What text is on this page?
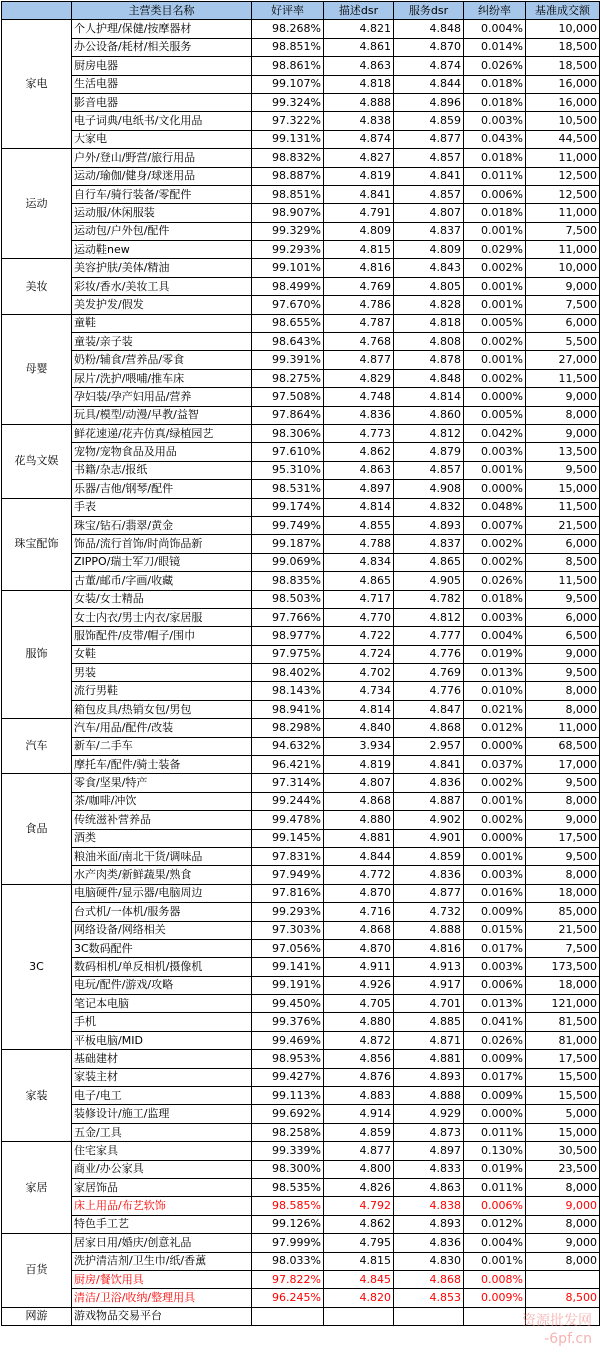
	主营类目名称	好评率	描述dsr	服务dsr	纠纷率	基准成交额
家电	个人护理/保健/按摩器材	98.268%	4.821	4.848	0.004%	10,000
	办公设备/耗材/相关服务	98.851%	4.861	4.870	0.014%	18,500
	厨房电器	98.861%	4.863	4.874	0.026%	18,500
	生活电器	99.107%	4.818	4.844	0.018%	16,000
	影音电器	99.324%	4.888	4.896	0.018%	16,000
	电子词典/电纸书/文化用品	97.322%	4.838	4.859	0.003%	10,500
	大家电	99.131%	4.874	4.877	0.043%	44,500
运动	户外/登山/野营/旅行用品	98.832%	4.827	4.857	0.018%	11,000
	运动/瑜伽/健身/球迷用品	98.887%	4.819	4.841	0.011%	12,500
	自行车/骑行装备/零配件	98.851%	4.841	4.857	0.006%	12,500
	运动服/休闲服装	98.907%	4.791	4.807	0.018%	11,000
	运动包/户外包/配件	99.329%	4.809	4.837	0.001%	7,500
	运动鞋new	99.293%	4.815	4.809	0.029%	11,000
美妆	美容护肤/美体/精油	99.101%	4.816	4.843	0.002%	10,000
	彩妆/香水/美妆工具	98.499%	4.769	4.805	0.001%	9,000
	美发护发/假发	97.670%	4.786	4.828	0.001%	7,500
母婴	童鞋	98.655%	4.787	4.818	0.005%	6,000
	童装/亲子装	98.643%	4.768	4.808	0.002%	5,500
	奶粉/辅食/营养品/零食	99.391%	4.877	4.878	0.001%	27,000
	尿片/洗护/喂哺/推车床	98.275%	4.829	4.848	0.002%	11,500
	孕妇装/孕产妇用品/营养	97.508%	4.748	4.814	0.000%	9,000
	玩具/模型/动漫/早教/益智	97.864%	4.836	4.860	0.005%	8,000
花鸟文娱	鲜花速递/花卉仿真/绿植园艺	98.306%	4.773	4.812	0.042%	9,000
	宠物/宠物食品及用品	97.610%	4.862	4.879	0.003%	13,500
	书籍/杂志/报纸	95.310%	4.863	4.857	0.001%	9,500
	乐器/吉他/钢琴/配件	98.531%	4.897	4.908	0.000%	15,000
珠宝配饰	手表	99.174%	4.814	4.832	0.048%	11,500
	珠宝/钻石/翡翠/黄金	99.749%	4.855	4.893	0.007%	21,500
	饰品/流行首饰/时尚饰品新	99.187%	4.788	4.837	0.002%	6,000
	ZIPPO/瑞士军刀/眼镜	99.069%	4.834	4.865	0.002%	8,500
	古董/邮币/字画/收藏	98.835%	4.865	4.905	0.026%	11,500
服饰	女装/女士精品	98.503%	4.717	4.782	0.018%	9,500
	女士内衣/男士内衣/家居服	97.766%	4.770	4.812	0.003%	6,000
	服饰配件/皮带/帽子/围巾	98.977%	4.722	4.777	0.004%	6,500
	女鞋	97.975%	4.724	4.776	0.019%	9,000
	男装	98.402%	4.702	4.769	0.013%	9,500
	流行男鞋	98.143%	4.734	4.776	0.010%	8,000
	箱包皮具/热销女包/男包	98.941%	4.814	4.847	0.021%	8,000
汽车	汽车/用品/配件/改装	98.298%	4.840	4.868	0.012%	11,000
	新车/二手车	94.632%	3.934	2.957	0.000%	68,500
	摩托车/配件/骑士装备	96.421%	4.819	4.841	0.037%	17,000
食品	零食/坚果/特产	97.314%	4.807	4.836	0.002%	9,500
	茶/咖啡/冲饮	99.244%	4.868	4.887	0.001%	8,000
	传统滋补营养品	99.478%	4.880	4.902	0.002%	9,000
	酒类	99.145%	4.881	4.901	0.000%	17,500
	粮油米面/南北干货/调味品	97.831%	4.844	4.859	0.001%	9,500
	水产肉类/新鲜蔬果/熟食	97.949%	4.772	4.836	0.003%	8,000
3C	电脑硬件/显示器/电脑周边	97.816%	4.870	4.877	0.016%	18,000
	台式机/一体机/服务器	99.293%	4.716	4.732	0.009%	85,000
	网络设备/网络相关	97.303%	4.868	4.888	0.015%	21,500
	3C数码配件	97.056%	4.870	4.816	0.017%	7,500
	数码相机/单反相机/摄像机	99.141%	4.911	4.913	0.003%	173,500
	电玩/配件/游戏/攻略	99.191%	4.926	4.917	0.006%	18,000
	笔记本电脑	99.450%	4.705	4.701	0.013%	121,000
	手机	99.376%	4.880	4.885	0.041%	81,500
	平板电脑/MID	99.469%	4.872	4.871	0.026%	81,000
家装	基础建材	98.953%	4.856	4.881	0.009%	17,500
	家装主材	99.427%	4.876	4.893	0.017%	15,500
	电子/电工	99.113%	4.883	4.888	0.009%	15,500
	装修设计/施工/监理	99.692%	4.914	4.929	0.000%	5,000
	五金/工具	98.258%	4.859	4.873	0.011%	15,000
家居	住宅家具	99.339%	4.877	4.897	0.130%	30,500
	商业/办公家具	98.300%	4.800	4.833	0.019%	23,500
	家居饰品	98.535%	4.826	4.863	0.011%	8,000
	床上用品/布艺软饰	98.585%	4.792	4.838	0.006%	9,000
	特色手工艺	99.126%	4.862	4.893	0.012%	8,000
百货	居家日用/婚庆/创意礼品	97.999%	4.795	4.836	0.004%	9,000
	洗护清洁剂/卫生巾/纸/香薰	98.033%	4.815	4.830	0.001%	8,000
	厨房/餐饮用具	97.822%	4.845	4.868	0.008%	
	清洁/卫浴/收纳/整理用具	96.245%	4.820	4.853	0.009%	8,500
网游	游戏物品交易平台						资源批发网
-6pf.cn
